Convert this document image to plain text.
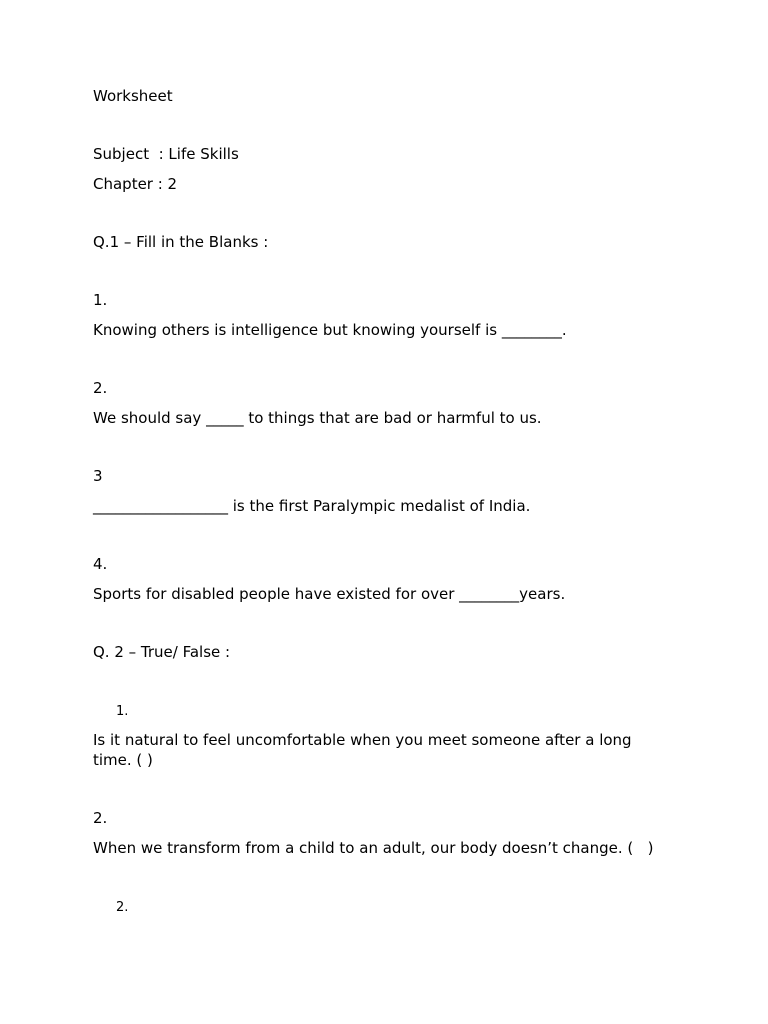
Worksheet
Subject  : Life Skills
Chapter : 2
Q.1 – Fill in the Blanks :
1.
Knowing others is intelligence but knowing yourself is ________.
2.
We should say _____ to things that are bad or harmful to us.
3
__________________ is the first Paralympic medalist of India.
4.
Sports for disabled people have existed for over ________years.
Q. 2 – True/ False :
1.
Is it natural to feel uncomfortable when you meet someone after a long time. ( )
2.
When we transform from a child to an adult, our body doesn’t change. (   )
2.
